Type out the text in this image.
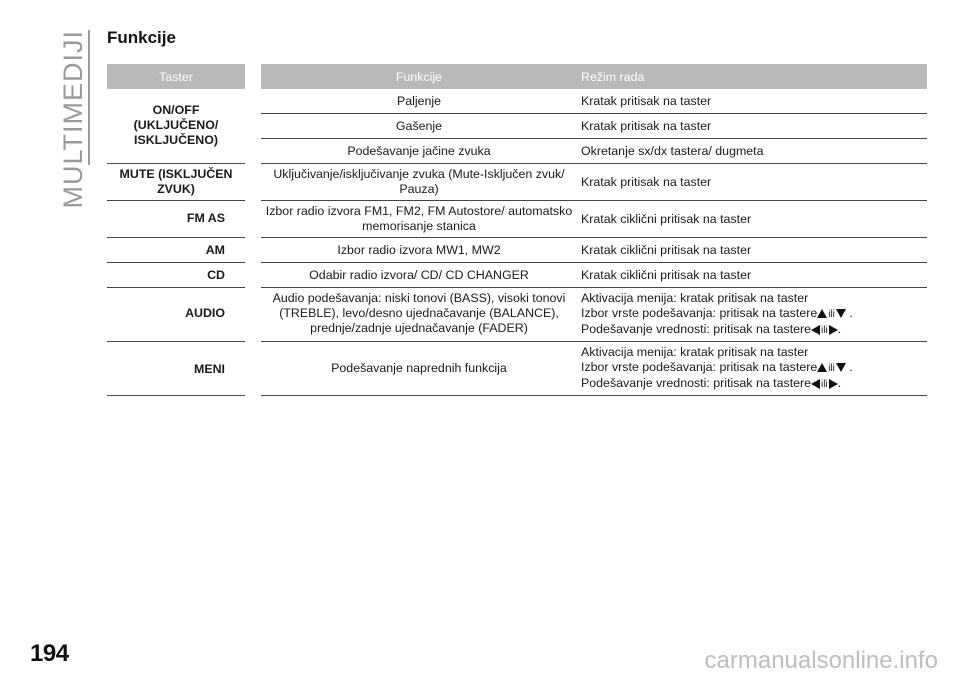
MULTIMEDIJI Funkcije
Taster		Funkcije	Režim rada
ON/OFF (UKLJUČENO/ ISKLJUČENO)		Paljenje	Kratak pritisak na taster
		Gašenje	Kratak pritisak na taster
		Podešavanje jačine zvuka	Okretanje sx/dx tastera/ dugmeta
MUTE (ISKLJUČEN ZVUK)		Uključivanje/isključivanje zvuka (Mute-Isključen zvuk/ Pauza)	Kratak pritisak na taster
FM AS		Izbor radio izvora FM1, FM2, FM Autostore/ automatsko memorisanje stanica	Kratak ciklični pritisak na taster
AM		Izbor radio izvora MW1, MW2	Kratak ciklični pritisak na taster
CD		Odabir radio izvora/ CD/ CD CHANGER	Kratak ciklični pritisak na taster
AUDIO		Audio podešavanja: niski tonovi (BASS), visoki tonovi (TREBLE), levo/desno ujednačavanje (BALANCE), prednje/zadnje ujednačavanje (FADER)	Aktivacija menija: kratak pritisak na taster
Izbor vrste podešavanja: pritisak na tastere ili .
Podešavanje vrednosti: pritisak na tastere ili .

MENI		Podešavanje naprednih funkcija	Aktivacija menija: kratak pritisak na taster
Izbor vrste podešavanja: pritisak na tastere ili .
Podešavanje vrednosti: pritisak na tastere ili .
194	carmanualsonline.info
